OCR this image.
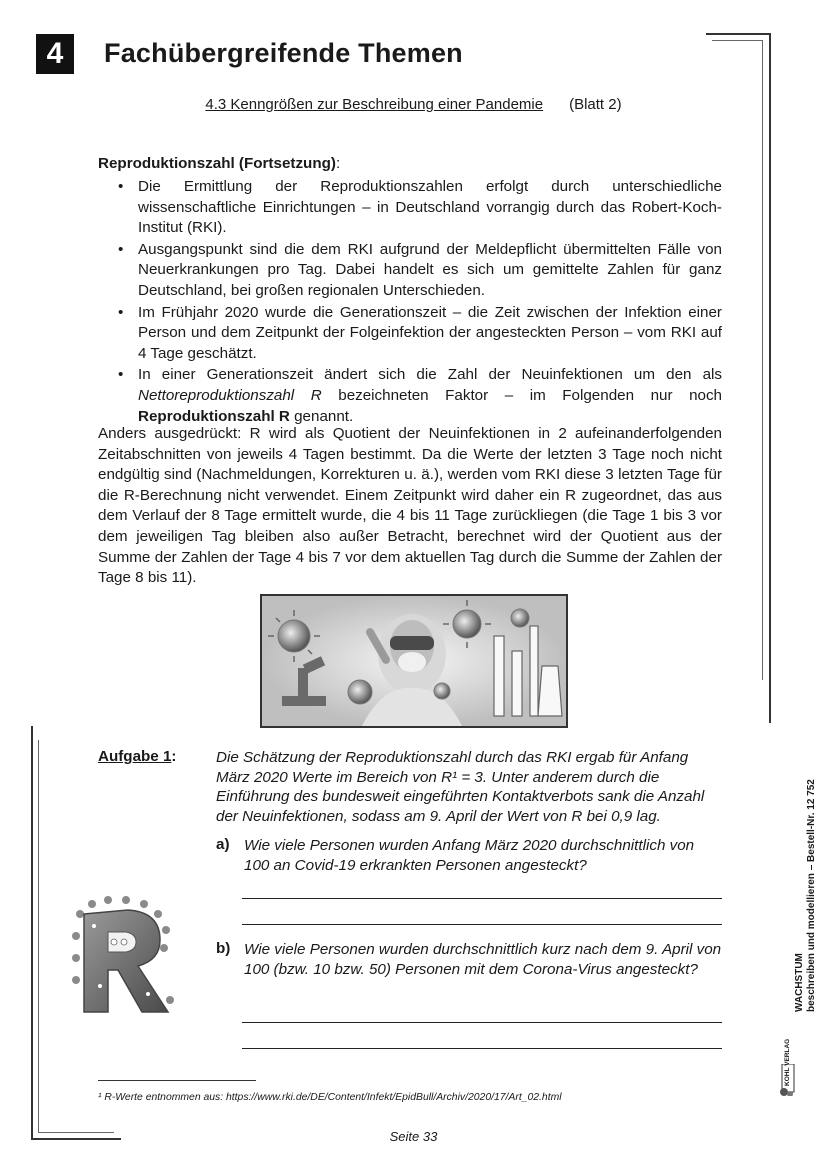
4	Fachübergreifende Themen
4.3 Kenngrößen zur Beschreibung einer Pandemie (Blatt 2)
Reproduktionszahl (Fortsetzung):
• Die Ermittlung der Reproduktionszahlen erfolgt durch unterschiedliche wissenschaftliche Einrichtungen – in Deutschland vorrangig durch das Robert-Koch-Institut (RKI).
• Ausgangspunkt sind die dem RKI aufgrund der Meldepflicht übermittelten Fälle von Neuerkrankungen pro Tag. Dabei handelt es sich um gemittelte Zahlen für ganz Deutschland, bei großen regionalen Unterschieden.
• Im Frühjahr 2020 wurde die Generationszeit – die Zeit zwischen der Infektion einer Person und dem Zeitpunkt der Folgeinfektion der angesteckten Person – vom RKI auf 4 Tage geschätzt.
• In einer Generationszeit ändert sich die Zahl der Neuinfektionen um den als Nettoreproduktionszahl R bezeichneten Faktor – im Folgenden nur noch Reproduktionszahl R genannt.
Anders ausgedrückt: R wird als Quotient der Neuinfektionen in 2 aufeinanderfolgenden Zeitabschnitten von jeweils 4 Tagen bestimmt. Da die Werte der letzten 3 Tage noch nicht endgültig sind (Nachmeldungen, Korrekturen u. ä.), werden vom RKI diese 3 letzten Tage für die R-Berechnung nicht verwendet. Einem Zeitpunkt wird daher ein R zugeordnet, das aus dem Verlauf der 8 Tage ermittelt wurde, die 4 bis 11 Tage zurückliegen (die Tage 1 bis 3 vor dem jeweiligen Tag bleiben also außer Betracht, berechnet wird der Quotient aus der Summe der Zahlen der Tage 4 bis 7 vor dem aktuellen Tag durch die Summe der Zahlen der Tage 8 bis 11).
Aufgabe 1:	Die Schätzung der Reproduktionszahl durch das RKI ergab für Anfang März 2020 Werte im Bereich von R¹ = 3. Unter anderem durch die Einführung des bundesweit eingeführten Kontaktverbots sank die Anzahl der Neuinfektionen, sodass am 9. April der Wert von R bei 0,9 lag.
a) Wie viele Personen wurden Anfang März 2020 durchschnittlich von 100 an Covid-19 erkrankten Personen angesteckt?
b) Wie viele Personen wurden durchschnittlich kurz nach dem 9. April von 100 (bzw. 10 bzw. 50) Personen mit dem Corona-Virus angesteckt?
¹ R-Werte entnommen aus: https://www.rki.de/DE/Content/Infekt/EpidBull/Archiv/2020/17/Art_02.html
Seite 33
WACHSTUM beschreiben und modellieren – Bestell-Nr. 12 752
KOHL VERLAG
